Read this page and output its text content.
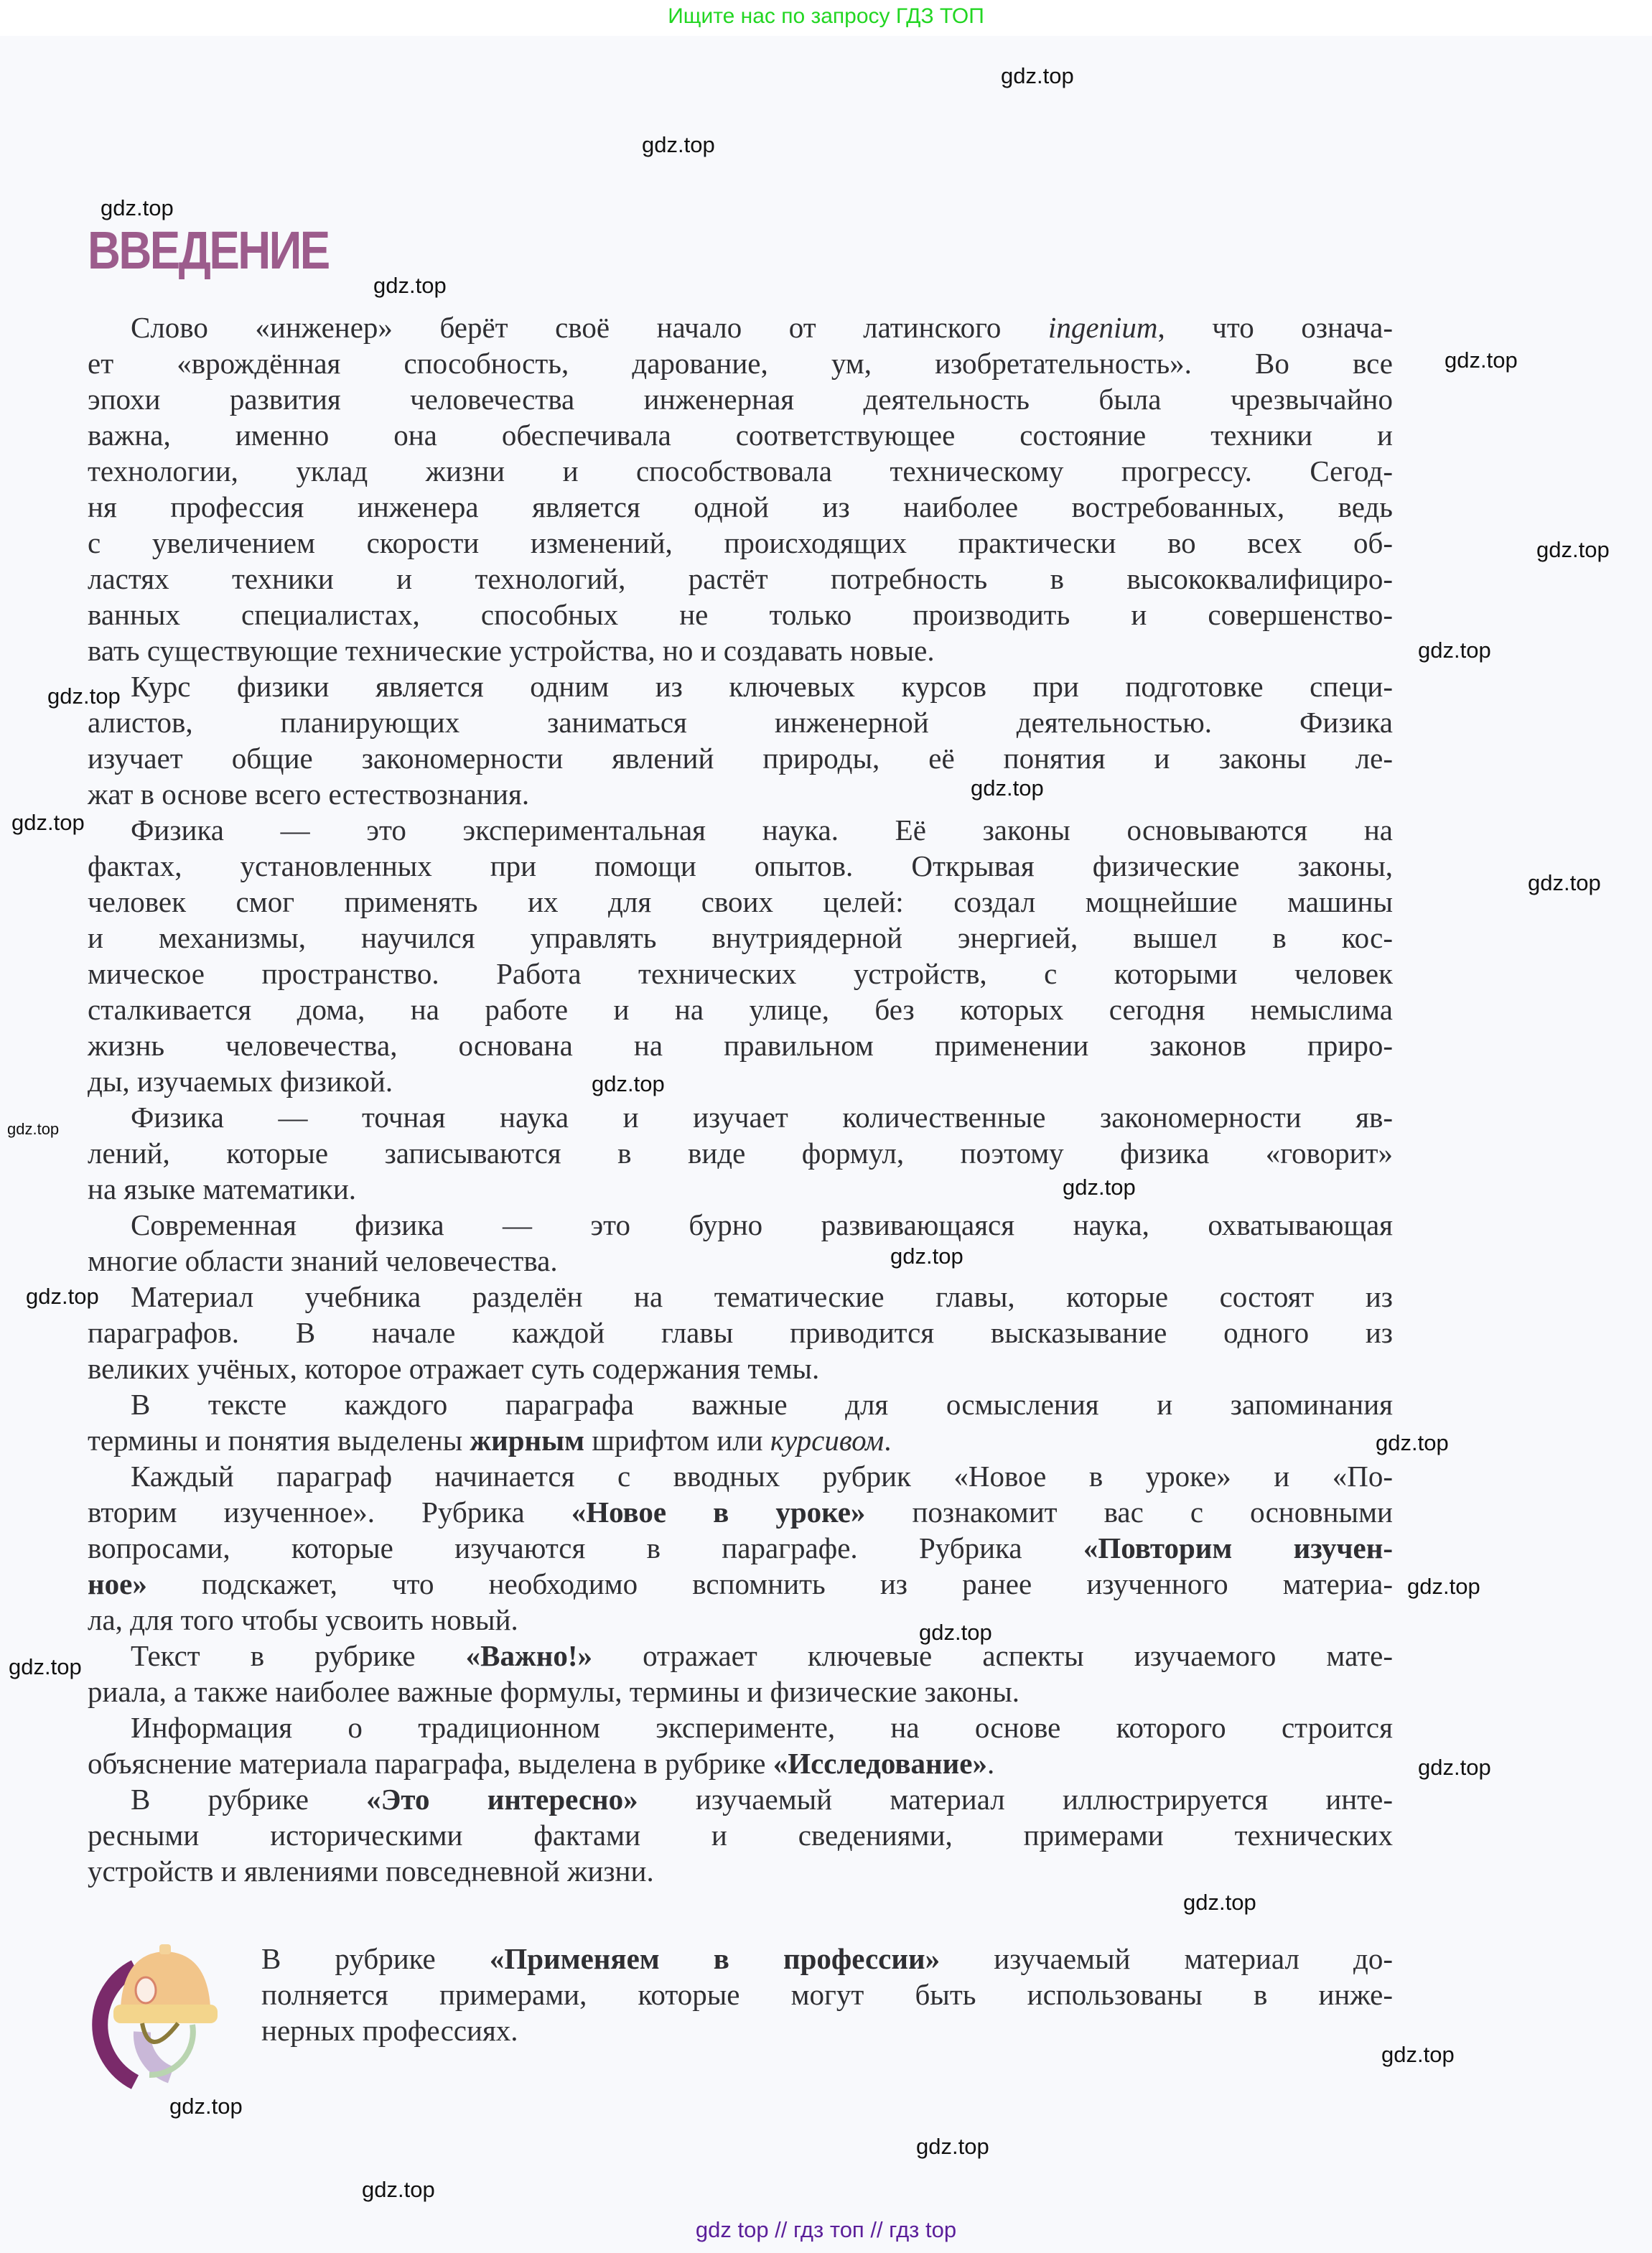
Ищите нас по запросу ГДЗ ТОП
ВВЕДЕНИЕ
Слово «инженер» берёт своё начало от латинского ingenium, что означа-
ет «врождённая способность, дарование, ум, изобретательность». Во все
эпохи развития человечества инженерная деятельность была чрезвычайно
важна, именно она обеспечивала соответствующее состояние техники и
технологии, уклад жизни и способствовала техническому прогрессу. Сегод-
ня профессия инженера является одной из наиболее востребованных, ведь
с увеличением скорости изменений, происходящих практически во всех об-
ластях техники и технологий, растёт потребность в высококвалифициро-
ванных специалистах, способных не только производить и совершенство-
вать существующие технические устройства, но и создавать новые.
Курс физики является одним из ключевых курсов при подготовке специ-
алистов, планирующих заниматься инженерной деятельностью. Физика
изучает общие закономерности явлений природы, её понятия и законы ле-
жат в основе всего естествознания.
Физика — это экспериментальная наука. Её законы основываются на
фактах, установленных при помощи опытов. Открывая физические законы,
человек смог применять их для своих целей: создал мощнейшие машины
и механизмы, научился управлять внутриядерной энергией, вышел в кос-
мическое пространство. Работа технических устройств, с которыми человек
сталкивается дома, на работе и на улице, без которых сегодня немыслима
жизнь человечества, основана на правильном применении законов приро-
ды, изучаемых физикой.
Физика — точная наука и изучает количественные закономерности яв-
лений, которые записываются в виде формул, поэтому физика «говорит»
на языке математики.
Современная физика — это бурно развивающаяся наука, охватывающая
многие области знаний человечества.
Материал учебника разделён на тематические главы, которые состоят из
параграфов. В начале каждой главы приводится высказывание одного из
великих учёных, которое отражает суть содержания темы.
В тексте каждого параграфа важные для осмысления и запоминания
термины и понятия выделены жирным шрифтом или курсивом.
Каждый параграф начинается с вводных рубрик «Новое в уроке» и «По-
вторим изученное». Рубрика «Новое в уроке» познакомит вас с основными
вопросами, которые изучаются в параграфе. Рубрика «Повторим изучен-
ное» подскажет, что необходимо вспомнить из ранее изученного материа-
ла, для того чтобы усвоить новый.
Текст в рубрике «Важно!» отражает ключевые аспекты изучаемого мате-
риала, а также наиболее важные формулы, термины и физические законы.
Информация о традиционном эксперименте, на основе которого строится
объяснение материала параграфа, выделена в рубрике «Исследование».
В рубрике «Это интересно» изучаемый материал иллюстрируется инте-
ресными историческими фактами и сведениями, примерами технических
устройств и явлениями повседневной жизни.
В рубрике «Применяем в профессии» изучаемый материал до-
полняется примерами, которые могут быть использованы в инже-
нерных профессиях.
gdz.top
gdz.top
gdz.top
gdz.top
gdz.top
gdz.top
gdz.top
gdz.top
gdz.top
gdz.top
gdz.top
gdz.top
gdz.top
gdz.top
gdz.top
gdz.top
gdz.top
gdz.top
gdz.top
gdz.top
gdz.top
gdz.top
gdz.top
gdz.top
gdz.top
gdz.top
gdz top // гдз топ // гдз top
